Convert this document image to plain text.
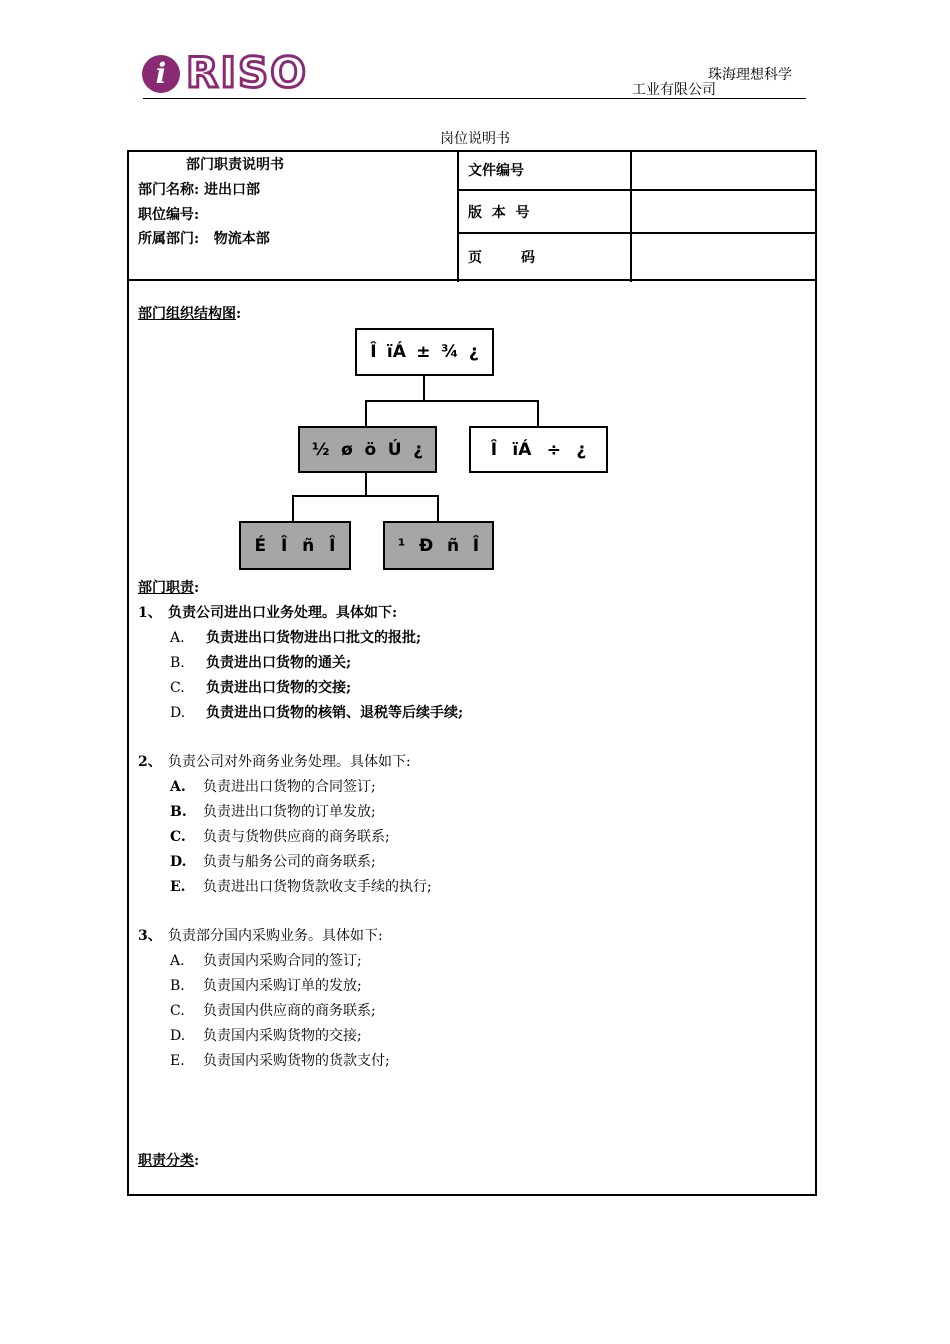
i RISO	珠海理想科学
工业有限公司
岗位说明书
部门职责说明书
部门名称: 进出口部
职位编号:
所属部门:   物流本部
文件编号
版  本  号
页        码
部门组织结构图:
Î ïÁ ± ¾ ¿
½ ø ö Ú ¿	Î ïÁ ÷ ¿
É Î ñ Î	¹ Ð ñ Î
部门职责:
1、 负责公司进出口业务处理。具体如下:
A. 负责进出口货物进出口批文的报批;
B. 负责进出口货物的通关;
C. 负责进出口货物的交接;
D. 负责进出口货物的核销、退税等后续手续;
2、 负责公司对外商务业务处理。具体如下:
A. 负责进出口货物的合同签订;
B. 负责进出口货物的订单发放;
C. 负责与货物供应商的商务联系;
D. 负责与船务公司的商务联系;
E. 负责进出口货物货款收支手续的执行;
3、 负责部分国内采购业务。具体如下:
A. 负责国内采购合同的签订;
B. 负责国内采购订单的发放;
C. 负责国内供应商的商务联系;
D. 负责国内采购货物的交接;
E. 负责国内采购货物的货款支付;
职责分类:
